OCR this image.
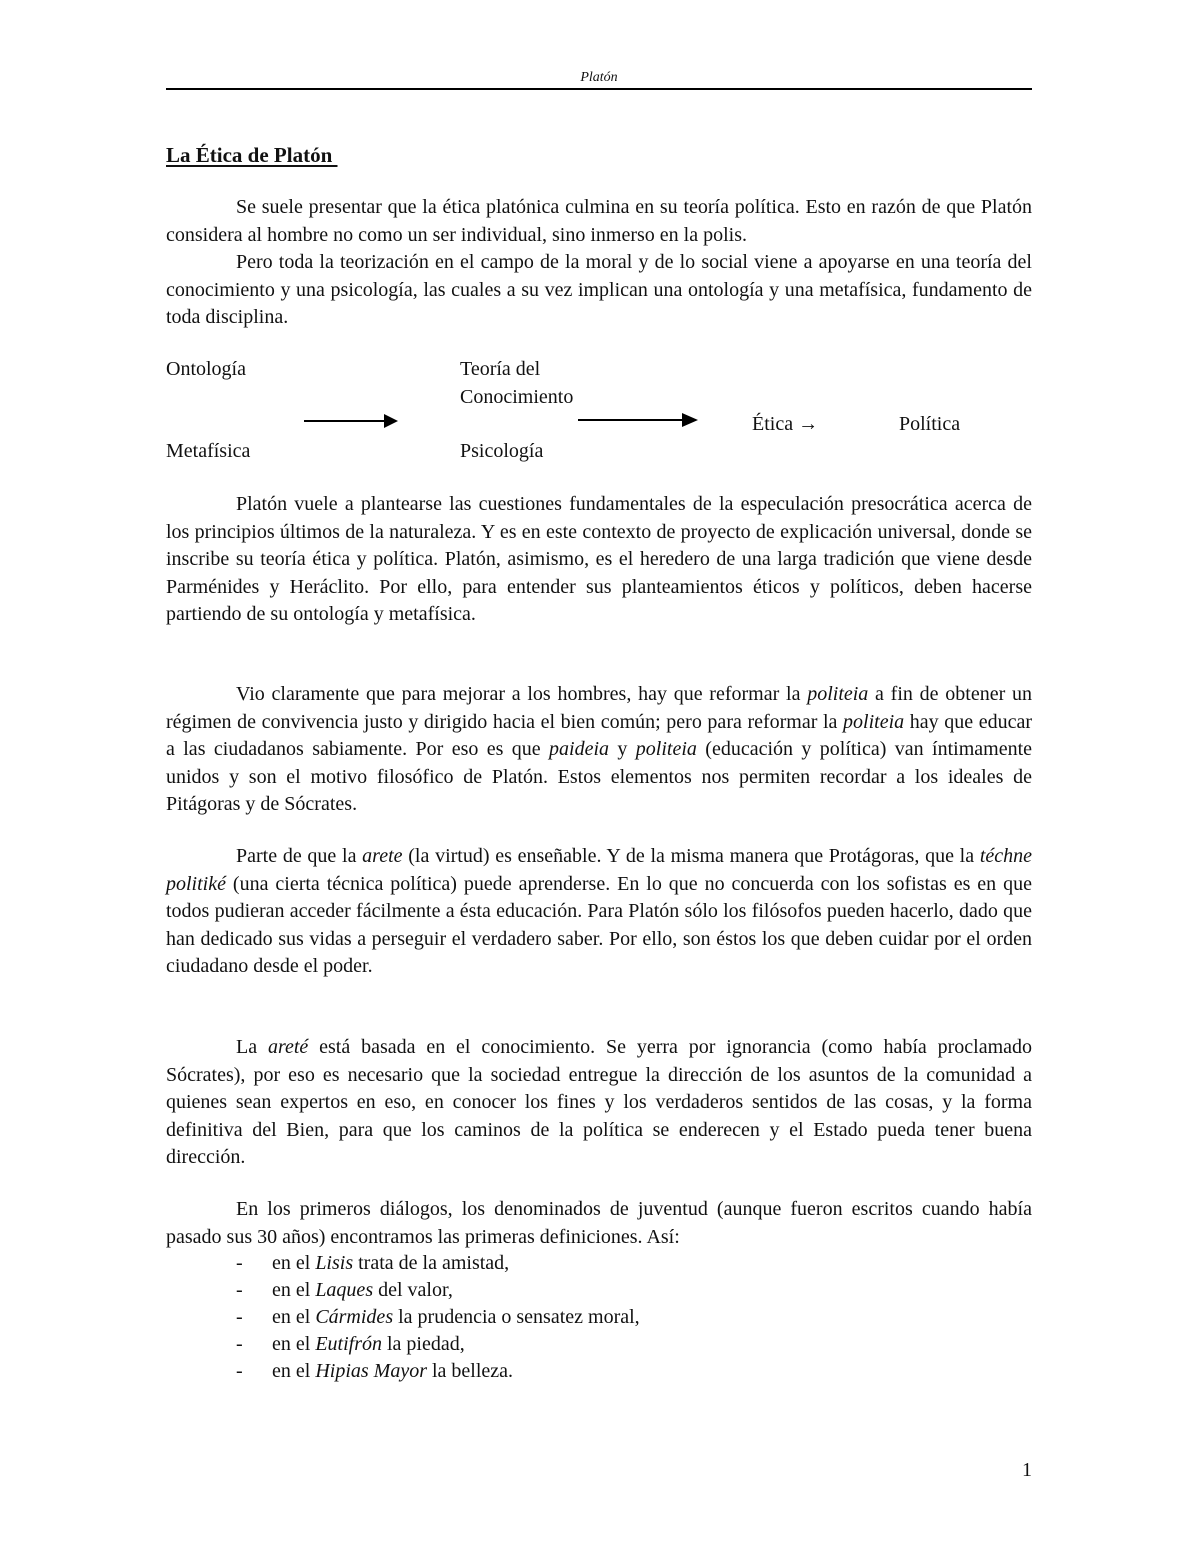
Platón
La Ética de Platón

Se suele presentar que la ética platónica culmina en su teoría política. Esto en razón de que Platón considera al hombre no como un ser individual, sino inmerso en la polis.

Pero toda la teorización en el campo de la moral y de lo social viene a apoyarse en una teoría del conocimiento y una psicología, las cuales a su vez implican una ontología y una metafísica, fundamento de toda disciplina.

Ontología
Metafísica
Teoría del
Conocimiento
Psicología
Ética →	Política

Platón vuele a plantearse las cuestiones fundamentales de la especulación presocrática acerca de los principios últimos de la naturaleza. Y es en este contexto de proyecto de explicación universal, donde se inscribe su teoría ética y política. Platón, asimismo, es el heredero de una larga tradición que viene desde Parménides y Heráclito. Por ello, para entender sus planteamientos éticos y políticos, deben hacerse partiendo de su ontología y metafísica.

Vio claramente que para mejorar a los hombres, hay que reformar la politeia a fin de obtener un régimen de convivencia justo y dirigido hacia el bien común; pero para reformar la politeia hay que educar a las ciudadanos sabiamente. Por eso es que paideia y politeia (educación y política) van íntimamente unidos y son el motivo filosófico de Platón. Estos elementos nos permiten recordar a los ideales de Pitágoras y de Sócrates.

Parte de que la arete (la virtud) es enseñable. Y de la misma manera que Protágoras, que la téchne politiké (una cierta técnica política) puede aprenderse. En lo que no concuerda con los sofistas es en que todos pudieran acceder fácilmente a ésta educación. Para Platón sólo los filósofos pueden hacerlo, dado que han dedicado sus vidas a perseguir el verdadero saber. Por ello, son éstos los que deben cuidar por el orden ciudadano desde el poder.

La areté está basada en el conocimiento. Se yerra por ignorancia (como había proclamado Sócrates), por eso es necesario que la sociedad entregue la dirección de los asuntos de la comunidad a quienes sean expertos en eso, en conocer los fines y los verdaderos sentidos de las cosas, y la forma definitiva del Bien, para que los caminos de la política se enderecen y el Estado pueda tener buena dirección.

En los primeros diálogos, los denominados de juventud (aunque fueron escritos cuando había pasado sus 30 años) encontramos las primeras definiciones. Así:

- en el Lisis trata de la amistad,
- en el Laques del valor,
- en el Cármides la prudencia o sensatez moral,
- en el Eutifrón la piedad,
- en el Hipias Mayor la belleza.
1
